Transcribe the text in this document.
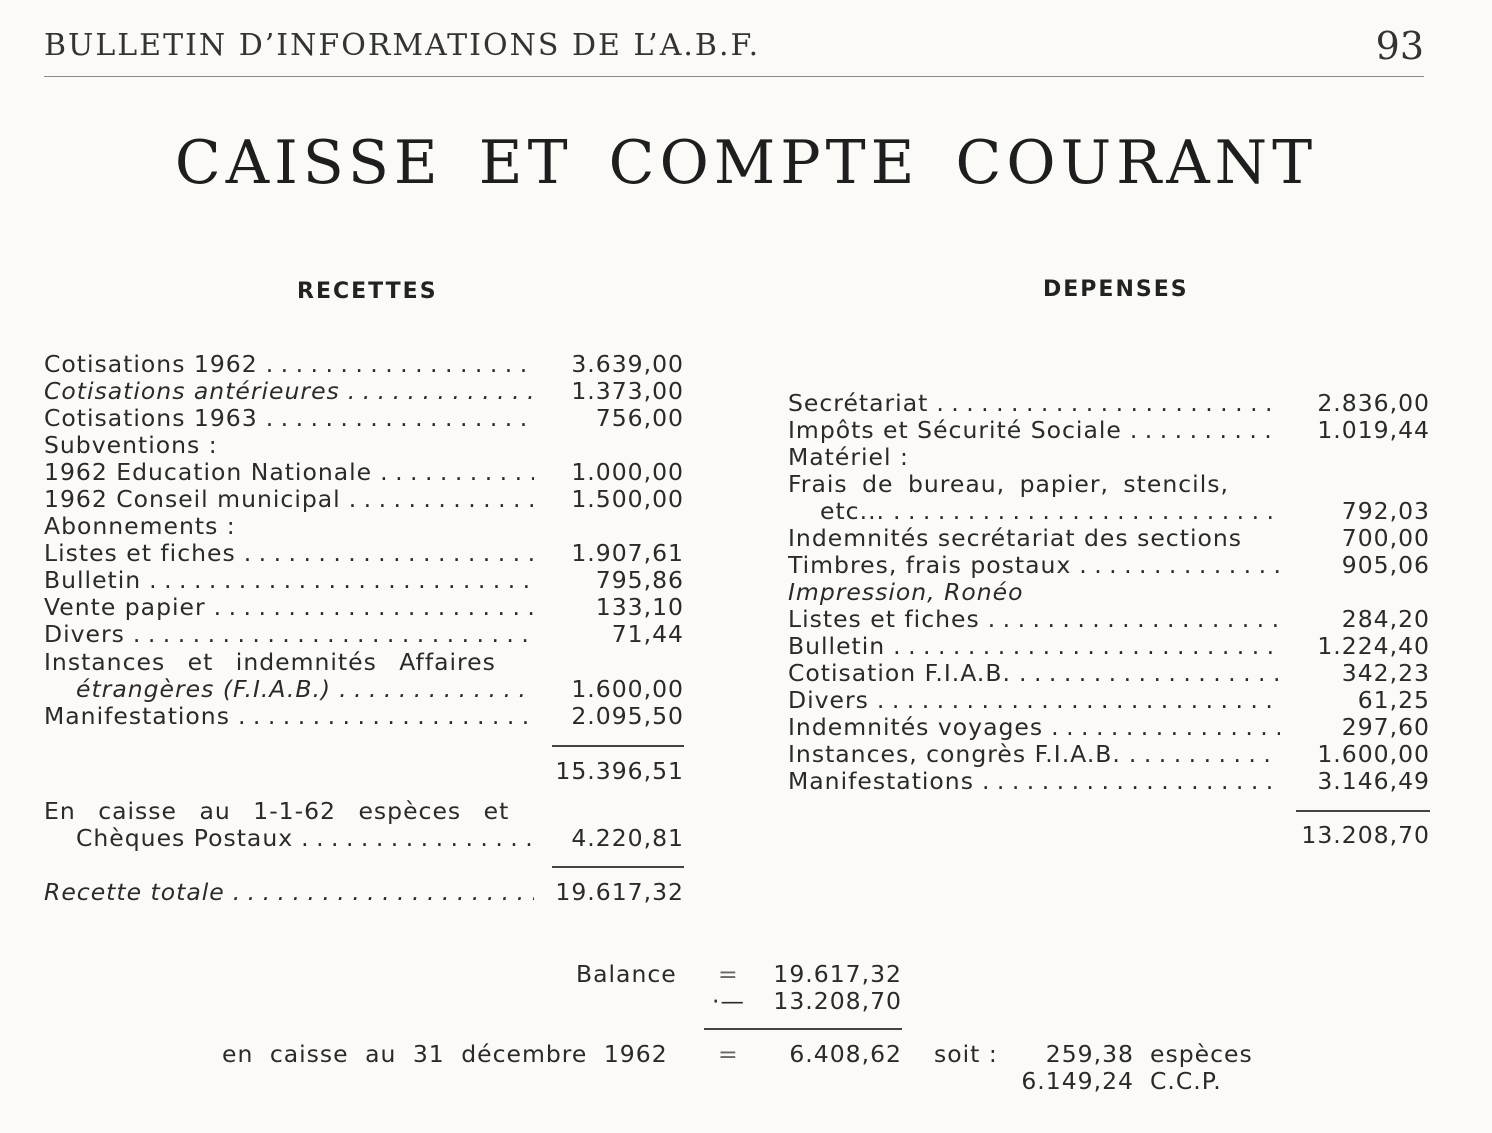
BULLETIN D’INFORMATIONS DE L’A.B.F.	93
CAISSE ET COMPTE COURANT
RECETTES
Cotisations 1962 . . .	3.639,00
Cotisations antérieures . . .	1.373,00
Cotisations 1963 . . .	756,00
Subventions :
1962 Education Nationale . . .	1.000,00
1962 Conseil municipal . . .	1.500,00
Abonnements :
Listes et fiches . . .	1.907,61
Bulletin . . .	795,86
Vente papier . . .	133,10
Divers . . .	71,44
Instances et indemnités Affaires
étrangères (F.I.A.B.) . . .	1.600,00
Manifestations . . .	2.095,50
15.396,51
En caisse au 1-1-62 espèces et
Chèques Postaux . . .	4.220,81
Recette totale . . .	19.617,32
DEPENSES
Secrétariat . . .	2.836,00
Impôts et Sécurité Sociale . . .	1.019,44
Matériel :
Frais de bureau, papier, stencils,
etc... . . .	792,03
Indemnités secrétariat des sections	700,00
Timbres, frais postaux . . .	905,06
Impression, Ronéo
Listes et fiches . . .	284,20
Bulletin . . .	1.224,40
Cotisation F.I.A.B. . . .	342,23
Divers . . .	61,25
Indemnités voyages . . .	297,60
Instances, congrès F.I.A.B. . . .	1.600,00
Manifestations . . .	3.146,49
13.208,70
Balance =	19.617,32
·—	13.208,70
en caisse au 31 décembre 1962 =	6.408,62 soit :	259,38 espèces
6.149,24 C.C.P.
